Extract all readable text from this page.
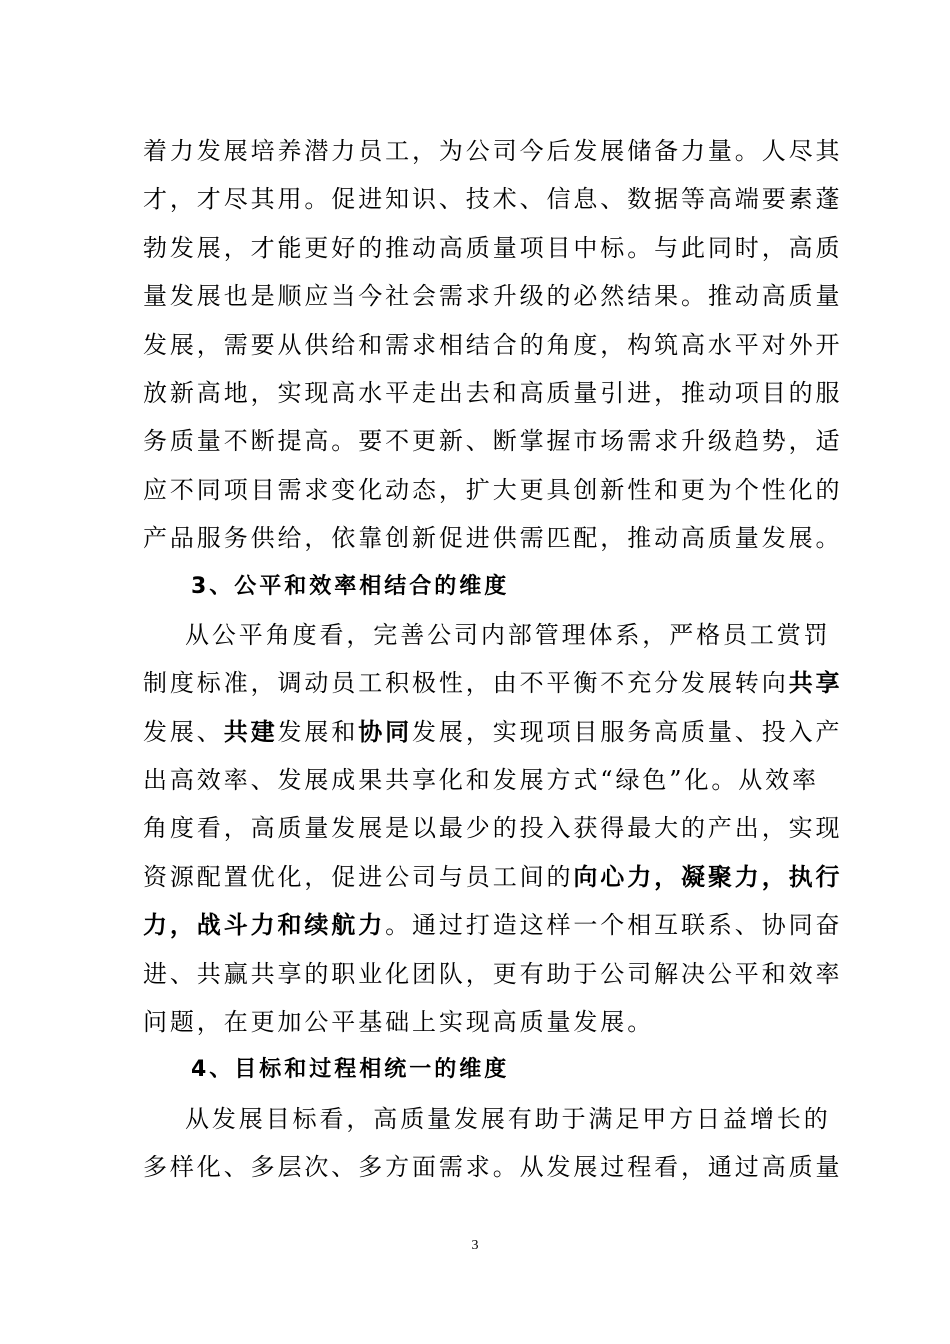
着力发展培养潜力员工，为公司今后发展储备力量。人尽其
才，才尽其用。促进知识、技术、信息、数据等高端要素蓬
勃发展，才能更好的推动高质量项目中标。与此同时，高质
量发展也是顺应当今社会需求升级的必然结果。推动高质量
发展，需要从供给和需求相结合的角度，构筑高水平对外开
放新高地，实现高水平走出去和高质量引进，推动项目的服
务质量不断提高。要不更新、断掌握市场需求升级趋势，适
应不同项目需求变化动态，扩大更具创新性和更为个性化的
产品服务供给，依靠创新促进供需匹配，推动高质量发展。
3、公平和效率相结合的维度
从公平角度看，完善公司内部管理体系，严格员工赏罚
制度标准，调动员工积极性，由不平衡不充分发展转向共享
发展、共建发展和协同发展，实现项目服务高质量、投入产
出高效率、发展成果共享化和发展方式“绿色”化。从效率
角度看，高质量发展是以最少的投入获得最大的产出，实现
资源配置优化，促进公司与员工间的向心力，凝聚力，执行
力，战斗力和续航力。通过打造这样一个相互联系、协同奋
进、共赢共享的职业化团队，更有助于公司解决公平和效率
问题，在更加公平基础上实现高质量发展。
4、目标和过程相统一的维度
从发展目标看，高质量发展有助于满足甲方日益增长的
多样化、多层次、多方面需求。从发展过程看，通过高质量
3
